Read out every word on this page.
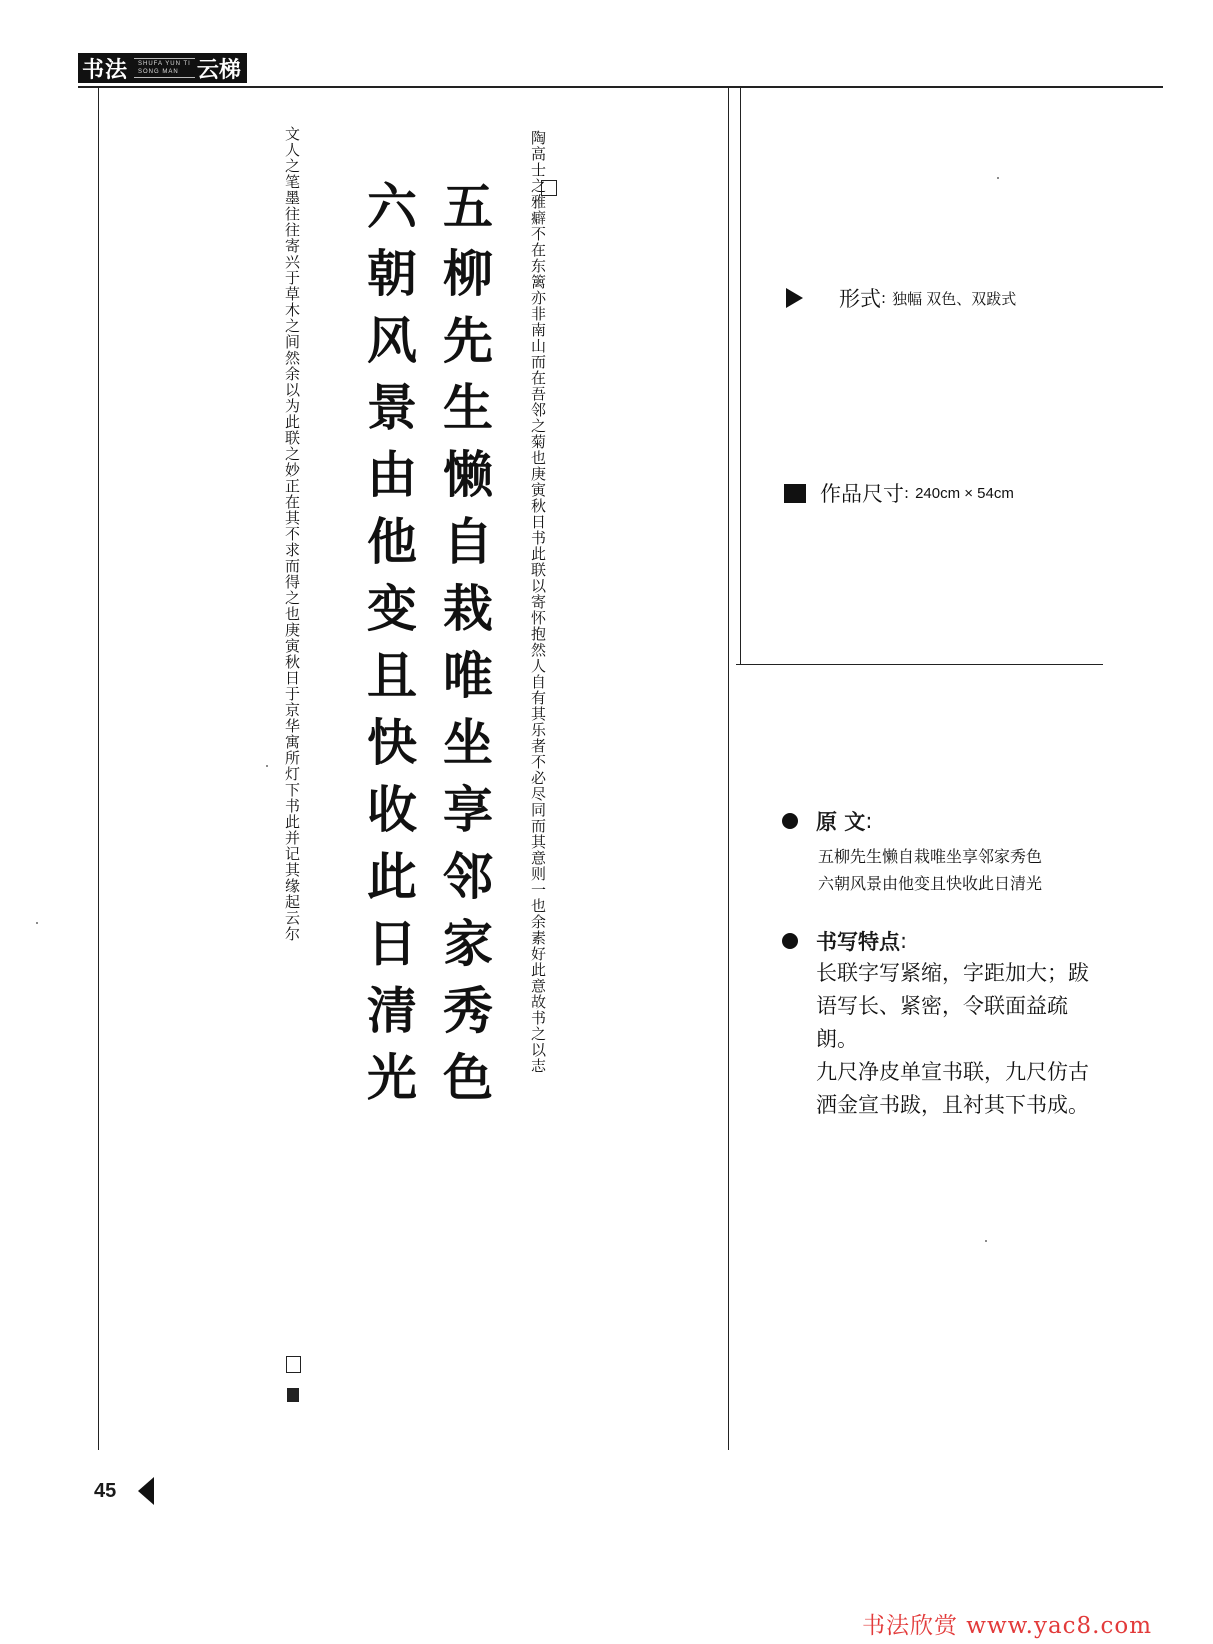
书法	SHUFA YUN TI
SONG MAN 云梯

陶高士之雅癖不在东篱亦非南山而在吾邻之菊也庚寅秋日书此联以寄怀抱然人自有其乐者不必尽同而其意则一也余素好此意故书之以志

五柳先生懒自栽唯坐享邻家秀色

六朝风景由他变且快收此日清光

文人之笔墨往往寄兴于草木之间然余以为此联之妙正在其不求而得之也庚寅秋日于京华寓所灯下书此并记其缘起云尔	形式 : 独幅 双色、双跋式
作品尺寸 : 240cm × 54cm
原 文 :
五柳先生懒自栽唯坐享邻家秀色
六朝风景由他变且快收此日清光
书写特点 :
长联字写紧缩，字距加大；跋语写长、紧密，令联面益疏朗。
九尺净皮单宣书联，九尺仿古洒金宣书跋，且衬其下书成。
45
书法欣赏 www.yac8.com
